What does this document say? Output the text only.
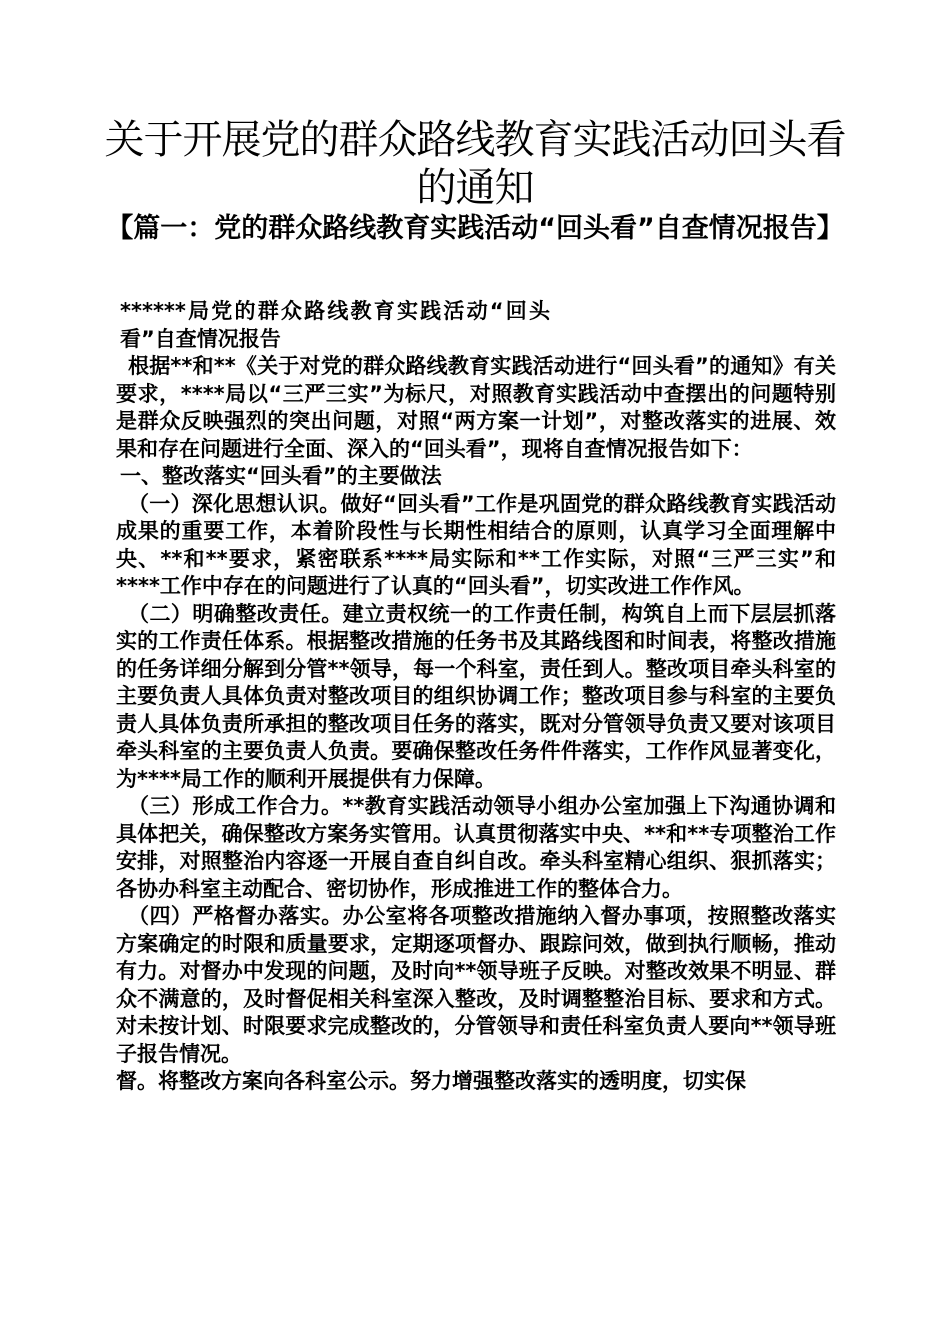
关于开展党的群众路线教育实践活动回头看的通知
【篇一：党的群众路线教育实践活动“回头看”自查情况报告】

******局党的群众路线教育实践活动“回头看”自查情况报告

根据**和**《关于对党的群众路线教育实践活动进行“回头看”的通知》有关要求，****局以“三严三实”为标尺，对照教育实践活动中查摆出的问题特别是群众反映强烈的突出问题，对照“两方案一计划”，对整改落实的进展、效果和存在问题进行全面、深入的“回头看”，现将自查情况报告如下：

一、整改落实“回头看”的主要做法

（一）深化思想认识。做好“回头看”工作是巩固党的群众路线教育实践活动成果的重要工作，本着阶段性与长期性相结合的原则，认真学习全面理解中央、**和**要求，紧密联系****局实际和**工作实际，对照“三严三实”和****工作中存在的问题进行了认真的“回头看”，切实改进工作作风。

（二）明确整改责任。建立责权统一的工作责任制，构筑自上而下层层抓落实的工作责任体系。根据整改措施的任务书及其路线图和时间表，将整改措施的任务详细分解到分管**领导，每一个科室，责任到人。整改项目牵头科室的主要负责人具体负责对整改项目的组织协调工作；整改项目参与科室的主要负责人具体负责所承担的整改项目任务的落实，既对分管领导负责又要对该项目牵头科室的主要负责人负责。要确保整改任务件件落实，工作作风显著变化，为****局工作的顺利开展提供有力保障。

（三）形成工作合力。**教育实践活动领导小组办公室加强上下沟通协调和具体把关，确保整改方案务实管用。认真贯彻落实中央、**和**专项整治工作安排，对照整治内容逐一开展自查自纠自改。牵头科室精心组织、狠抓落实；各协办科室主动配合、密切协作，形成推进工作的整体合力。

（四）严格督办落实。办公室将各项整改措施纳入督办事项，按照整改落实方案确定的时限和质量要求，定期逐项督办、跟踪问效，做到执行顺畅，推动有力。对督办中发现的问题，及时向**领导班子反映。对整改效果不明显、群众不满意的，及时督促相关科室深入整改，及时调整整治目标、要求和方式。对未按计划、时限要求完成整改的，分管领导和责任科室负责人要向**领导班子报告情况。

督。将整改方案向各科室公示。努力增强整改落实的透明度，切实保
